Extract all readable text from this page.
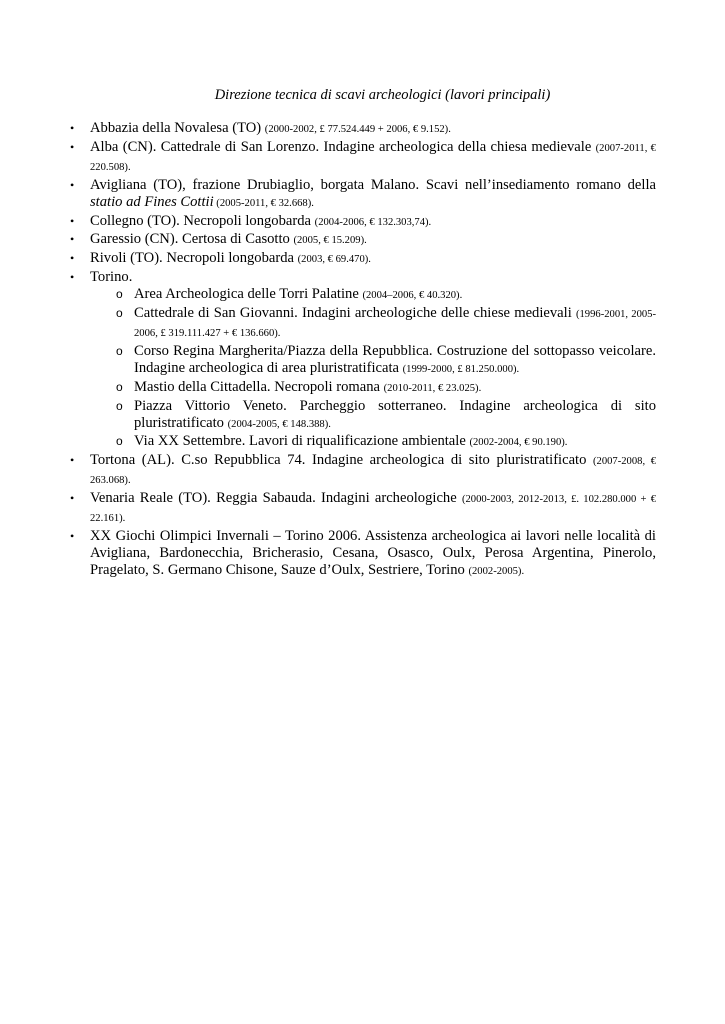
Direzione tecnica di scavi archeologici (lavori principali)
•	Abbazia della Novalesa (TO) (2000-2002, £ 77.524.449 + 2006, € 9.152).
•	Alba (CN). Cattedrale di San Lorenzo. Indagine archeologica della chiesa medievale (2007-2011, € 220.508).
•	Avigliana (TO), frazione Drubiaglio, borgata Malano. Scavi nell’insediamento romano della statio ad Fines Cottii (2005-2011, € 32.668).
•	Collegno (TO). Necropoli longobarda (2004-2006, € 132.303,74).
•	Garessio (CN). Certosa di Casotto (2005, € 15.209).
•	Rivoli (TO). Necropoli longobarda (2003, € 69.470).
•	Torino.
o Area Archeologica delle Torri Palatine (2004–2006, € 40.320).
o Cattedrale di San Giovanni. Indagini archeologiche delle chiese medievali (1996-2001, 2005-2006, £ 319.111.427 + € 136.660).
o Corso Regina Margherita/Piazza della Repubblica. Costruzione del sottopasso veicolare. Indagine archeologica di area pluristratificata (1999-2000, £ 81.250.000).
o Mastio della Cittadella. Necropoli romana (2010-2011, € 23.025).
o Piazza Vittorio Veneto. Parcheggio sotterraneo. Indagine archeologica di sito pluristratificato (2004-2005, € 148.388).
o Via XX Settembre. Lavori di riqualificazione ambientale (2002-2004, € 90.190).
•	Tortona (AL). C.so Repubblica 74. Indagine archeologica di sito pluristratificato (2007-2008, € 263.068).
•	Venaria Reale (TO). Reggia Sabauda. Indagini archeologiche (2000-2003, 2012-2013, £. 102.280.000 + € 22.161).
•	XX Giochi Olimpici Invernali – Torino 2006. Assistenza archeologica ai lavori nelle località di Avigliana, Bardonecchia, Bricherasio, Cesana, Osasco, Oulx, Perosa Argentina, Pinerolo, Pragelato, S. Germano Chisone, Sauze d’Oulx, Sestriere, Torino (2002-2005).
